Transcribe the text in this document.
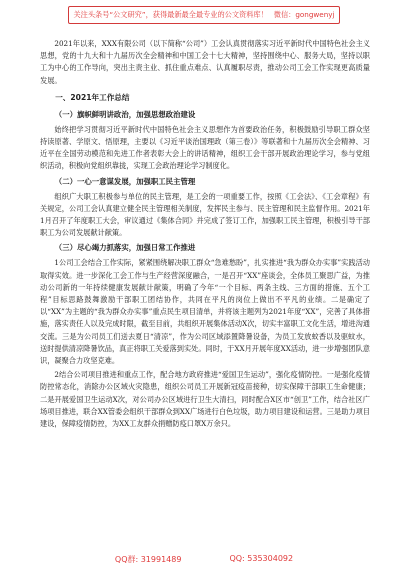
关注头条号“公文研究”，获得最新最全最专业的公文资料库！ 微信：gongwenyj

2021年以来，XXX有限公司（以下简称“公司”）工会认真贯彻落实习近平新时代中国特色社会主义思想，党的十九大和十九届历次全会精神和中国工会十七大精神，坚持围绕中心、服务大局，坚持以职工为中心的工作导向，突出主责主业、抓住重点难点、认真履职尽责，推动公司工会工作实现更高质量发展。

一、2021年工作总结
（一）旗帜鲜明讲政治，加强思想政治建设

始终把学习贯彻习近平新时代中国特色社会主义思想作为首要政治任务，积极鼓励引导职工群众坚持读原著、学原文、悟原理，主要以《习近平谈治国理政（第三卷）》等联著和十九届历次全会精神、习近平在全国劳动模范和先进工作者表彰大会上的讲话精神，组织工会干部开展政治理论学习，参与党组织活动，积极向党组织靠拢，实现工会政治理论学习制度化。

（二）一心一意谋发展，加强职工民主管理

组织广大职工积极参与单位的民主管理，是工会的一项重要工作，按照《工会法》、《工会章程》有关规定，公司工会认真建立健全民主管理相关制度，发挥民主参与、民主管理和民主监督作用。2021年1月召开了年度职工大会，审议通过《集体合同》并完成了签订工作，加强职工民主管理，积极引导干部职工为公司发展献计献策。

（三）尽心竭力抓落实，加强日常工作推进

1公司工会结合工作实际，紧紧围绕解决职工群众“急难愁盼”，扎实推进“我为群众办实事”实践活动取得实效。进一步深化工会工作与生产经营深度融合，一是召开“XX”座谈会，全体员工聚思广益，为推动公司新的一年持续健康发展献计献策，明确了今年“一个目标、两条主线、三方面的措施、五个工程”目标思路鼓舞激励干部职工团结协作，共同在平凡的岗位上做出不平凡的业绩。二是确定了以“XX”为主题的“我为群众办实事”重点民生项目清单，并将该主题列为2021年度“XX”，完善了具体措施，落实责任人以及完成时限，截至目前，共组织开展集体活动X次，切实丰富职工文化生活，增进沟通交流。三是为公司员工们送去夏日“清凉”，作为公司区域添置降暑设备，为员工发放蚊香以及驱蚊水，送时提供清凉降暑饮品，真正将职工关爱落到实处。同时，于XX月开展年度XX活动，进一步增强团队意识，凝聚合力攻坚克难。

2结合公司项目推进和重点工作，配合地方政府推进“爱国卫生运动”，强化疫情防控。一是强化疫情防控常态化，消除办公区域火灾隐患，组织公司员工开展新冠疫苗接种，切实保障干部职工生命健康；二是开展爱国卫生运动X次，对公司办公区域进行卫生大清扫，同时配合X区市“创卫”工作，结合社区广场项目推进，联合XX管委会组织干部群众到XX广场进行白色垃圾，助力项目建设和运营。三是助力项目建设，保障疫情防控，为XX工友群众捐赠防疫口罩X万余只。

QQ群: 31991489	QQ: 535304092
